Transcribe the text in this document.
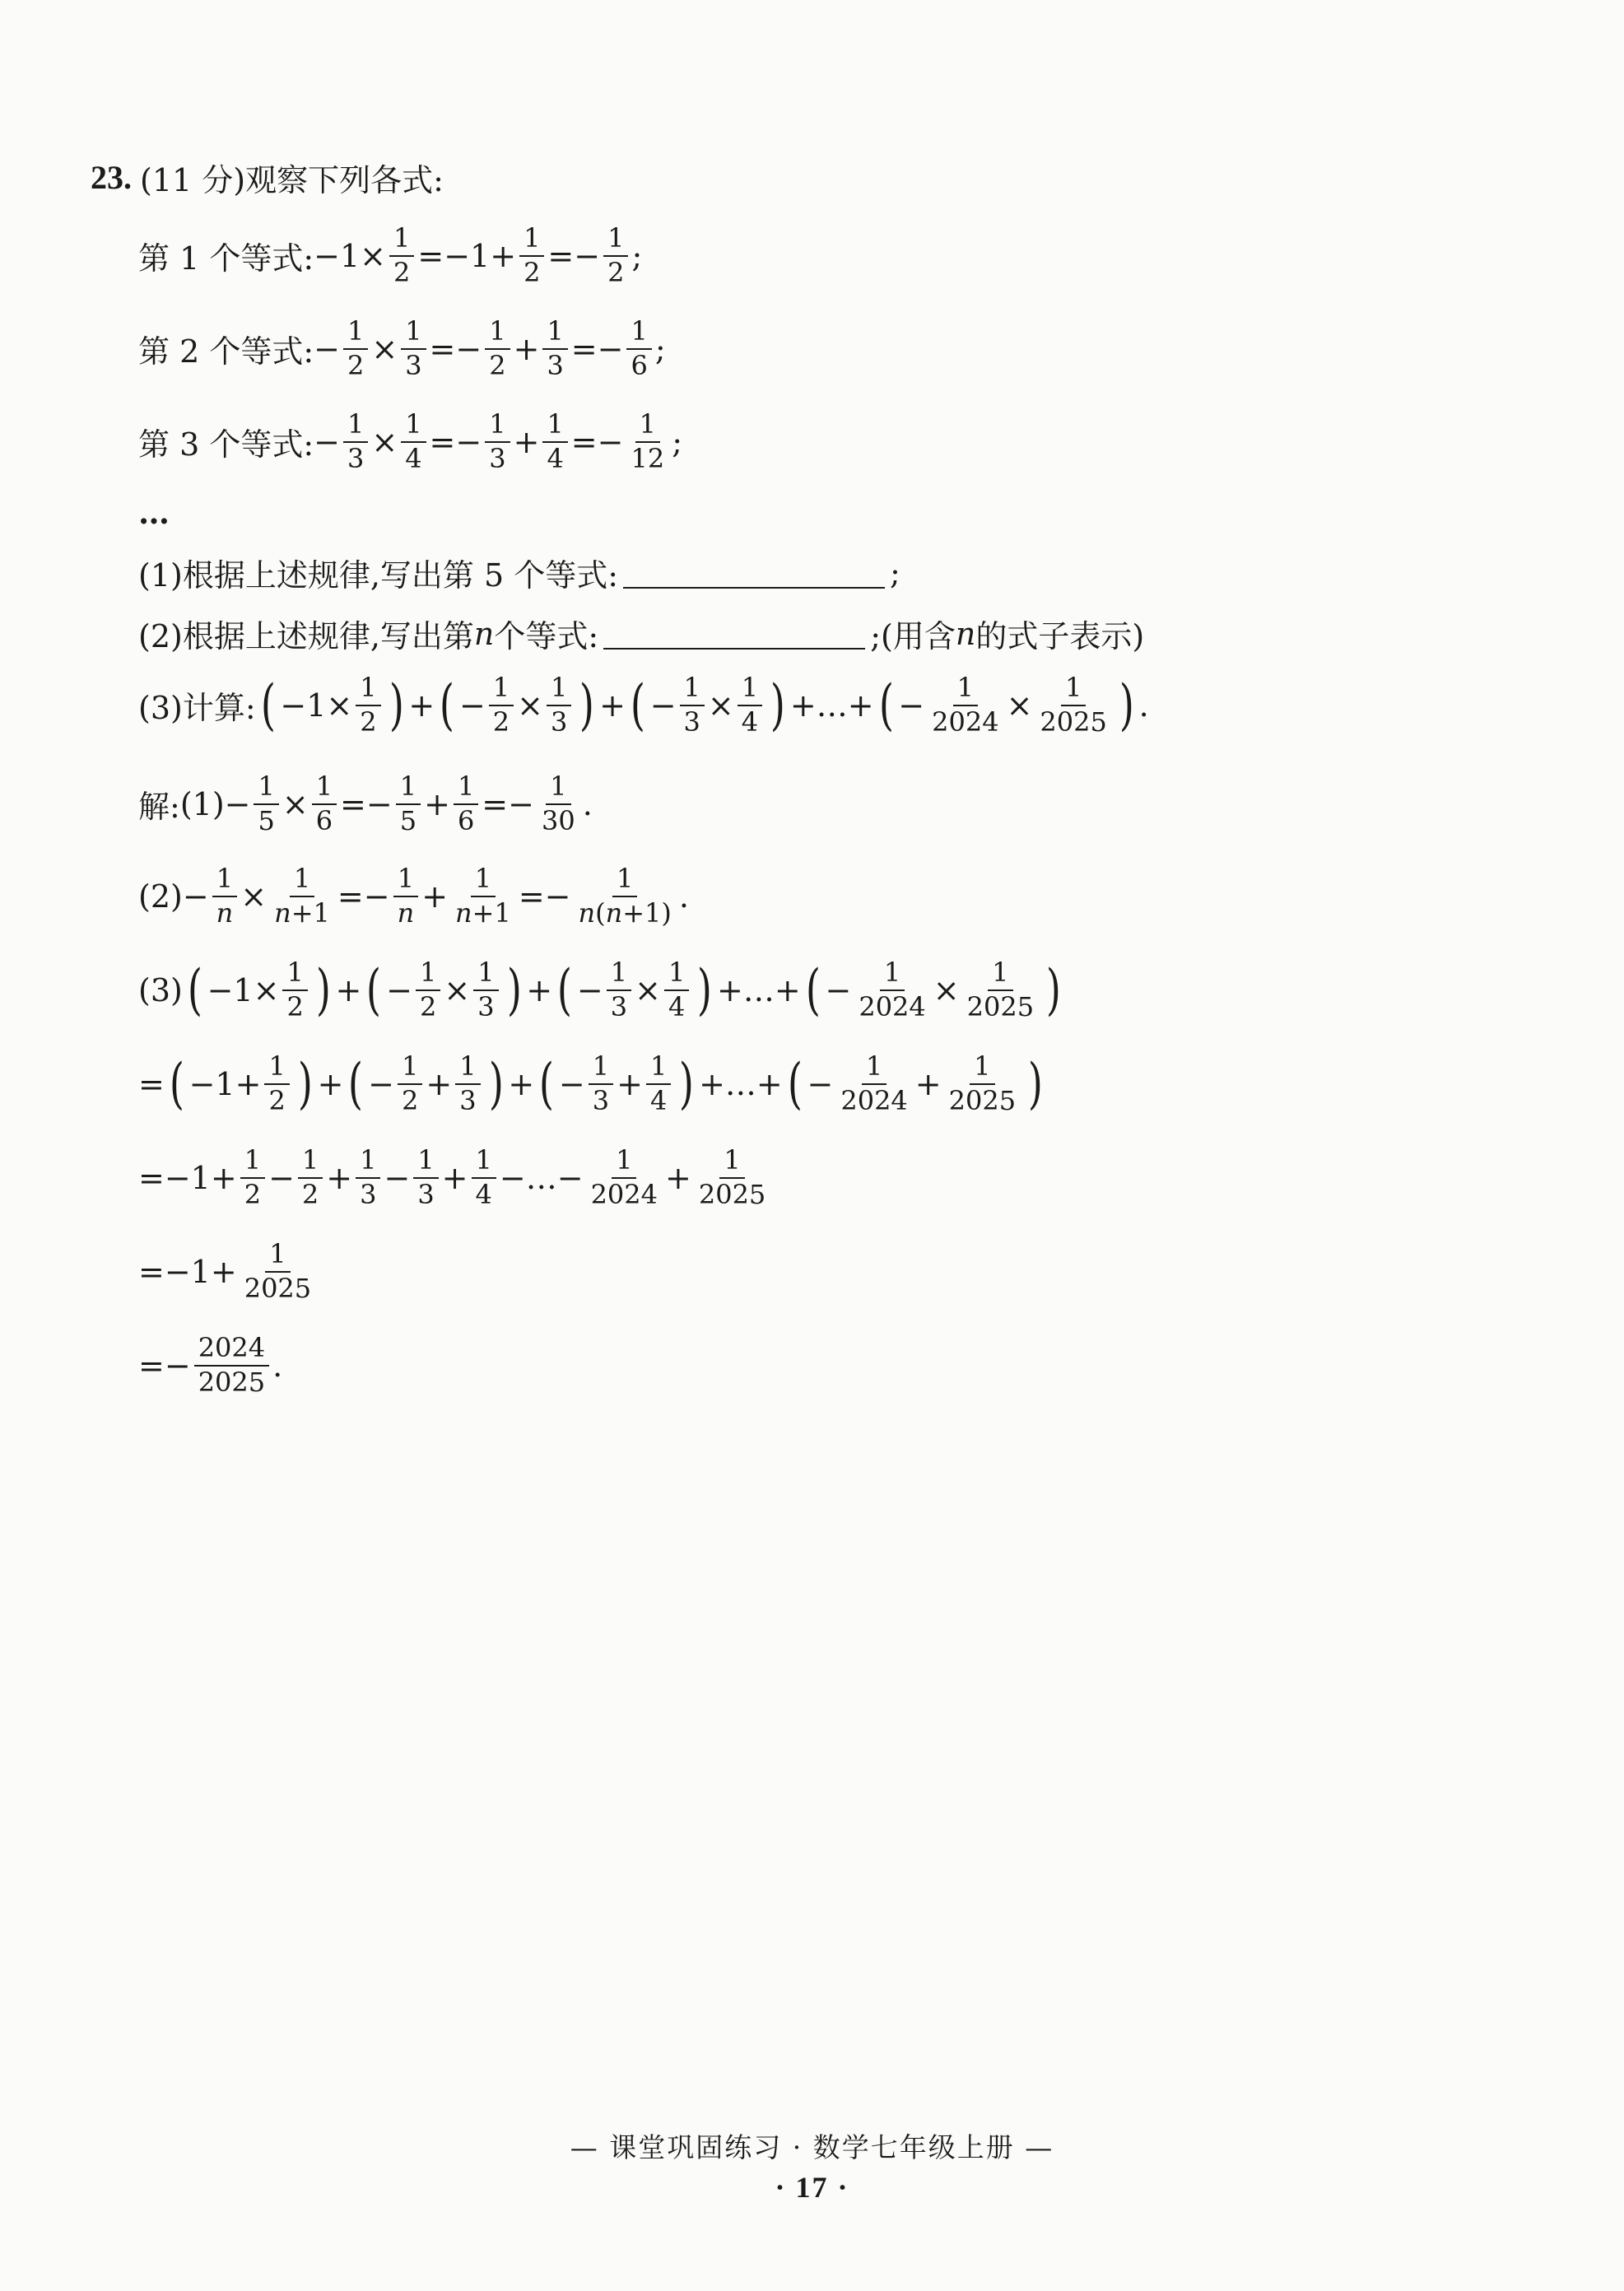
23. (11 分) 观察下列各式:
第 1 个等式: $-1\times \frac{1}{2} =-1+ \frac{1}{2} =- \frac{1}{2}$ ;
第 2 个等式: − $\frac{1}{2} \times \frac{1}{3} =- \frac{1}{2} + \frac{1}{3} =- \frac{1}{6}$ ;
第 3 个等式: − $\frac{1}{3} \times \frac{1}{4} =- \frac{1}{3} + \frac{1}{4} =- \frac{1}{12}$ ;
…
(1)根据上述规律,写出第 5 个等式:	;
(2)根据上述规律,写出第 n 个等式:	;(用含 n 的式子表示)
(3)计算: ( $-1\times \frac{1}{2}$ ) + ( − $\frac{1}{2} \times \frac{1}{3}$ ) + ( − $\frac{1}{3} \times \frac{1}{4}$ ) +…+ ( − $\frac{1}{2024} \times \frac{1}{2025}$ ) .
解: $(1) - \frac{1}{5} \times \frac{1}{6} =- \frac{1}{5} + \frac{1}{6} =- \frac{1}{30}$ .
$(2) - \frac{1}{n} \times \frac{1}{n+1} =- \frac{1}{n} + \frac{1}{n+1} =- \frac{1}{n(n+1)}$ .
(3) ( $-1\times \frac{1}{2}$ ) + ( − $\frac{1}{2} \times \frac{1}{3}$ ) + ( − $\frac{1}{3} \times \frac{1}{4}$ ) +…+ ( − $\frac{1}{2024} \times \frac{1}{2025}$ )
= ( $-1+ \frac{1}{2}$ ) + ( − $\frac{1}{2} + \frac{1}{3}$ ) + ( − $\frac{1}{3} + \frac{1}{4}$ ) +…+ ( − $\frac{1}{2024} + \frac{1}{2025}$ )
$=-1+ \frac{1}{2} - \frac{1}{2} + \frac{1}{3} - \frac{1}{3} + \frac{1}{4}$ −…− $\frac{1}{2024} + \frac{1}{2025}$
$=-1+ \frac{1}{2025}$
=− $\frac{2024}{2025}$ .
— 课堂巩固练习 · 数学七年级上册 —
· 17 ·
